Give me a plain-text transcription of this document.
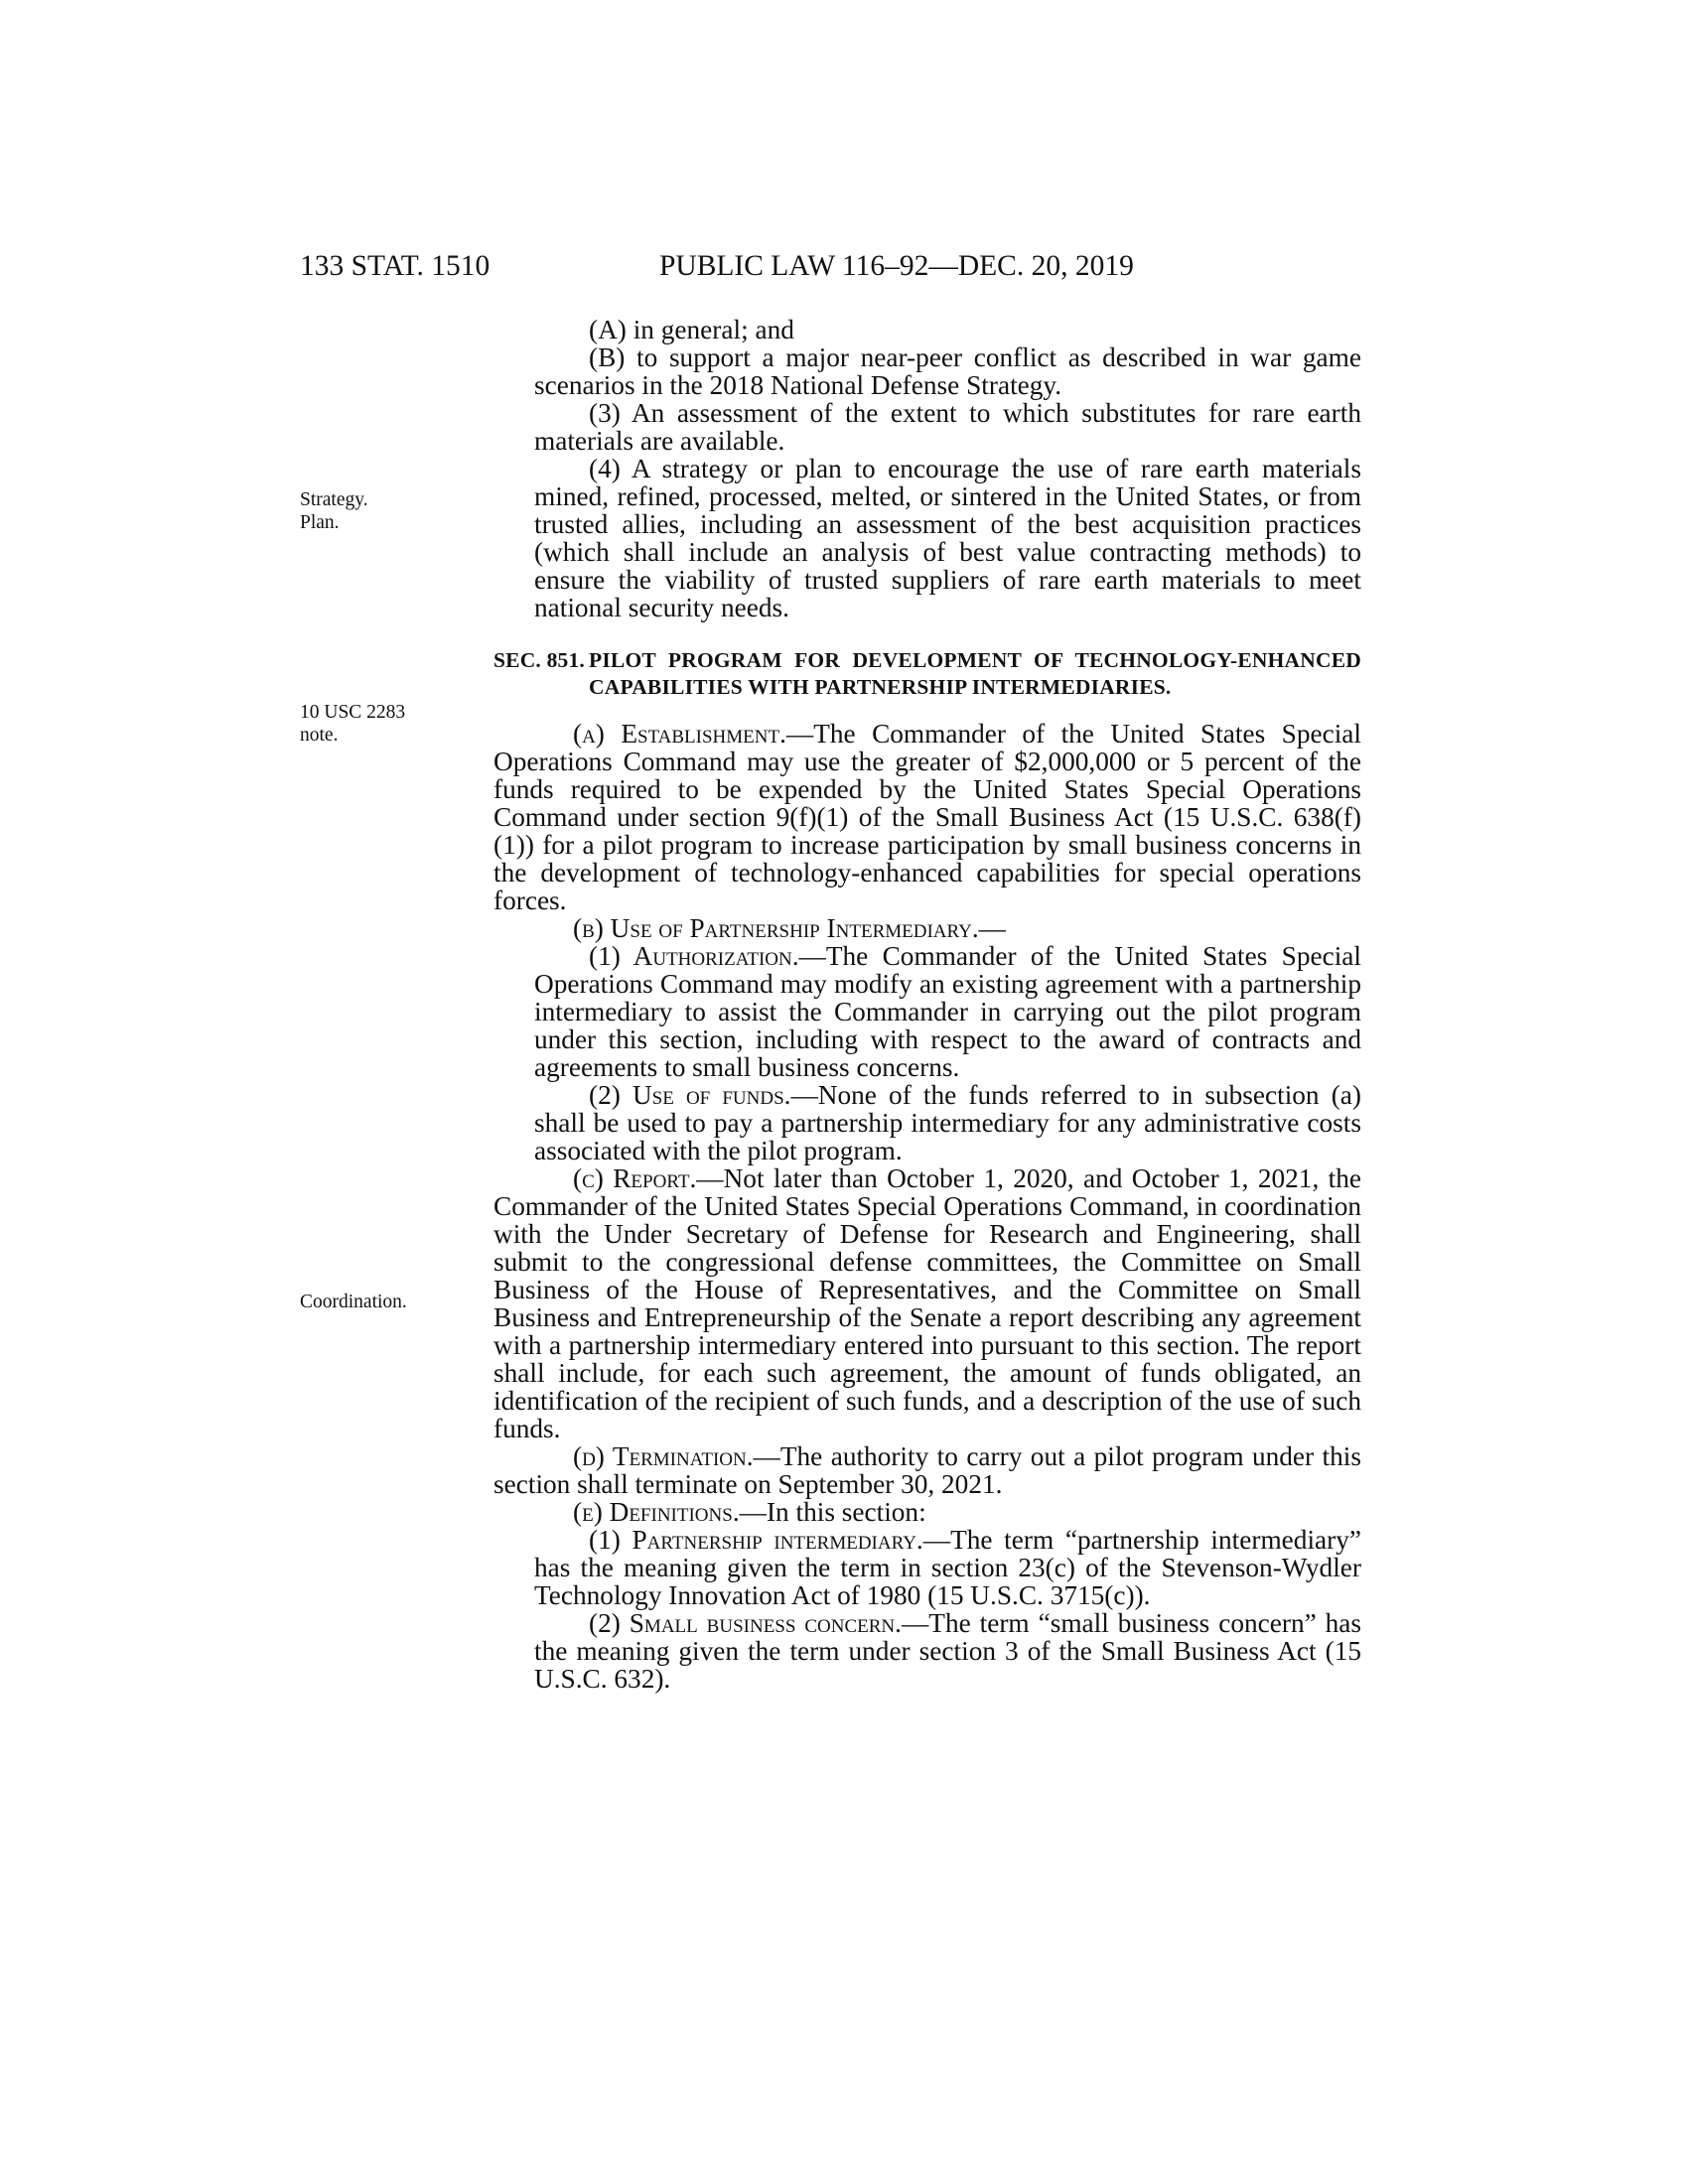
133 STAT. 1510	PUBLIC LAW 116–92—DEC. 20, 2019
Strategy.
Plan.
10 USC 2283
note.
Coordination.

(A) in general; and

(B) to support a major near-peer conflict as described in war game scenarios in the 2018 National Defense Strategy.

(3) An assessment of the extent to which substitutes for rare earth materials are available.

(4) A strategy or plan to encourage the use of rare earth materials mined, refined, processed, melted, or sintered in the United States, or from trusted allies, including an assessment of the best acquisition practices (which shall include an analysis of best value contracting methods) to ensure the viability of trusted suppliers of rare earth materials to meet national security needs.

SEC. 851. PILOT PROGRAM FOR DEVELOPMENT OF TECHNOLOGY-ENHANCED CAPABILITIES WITH PARTNERSHIP INTERMEDIARIES.

(a) Establishment.—The Commander of the United States Special Operations Command may use the greater of $2,000,000 or 5 percent of the funds required to be expended by the United States Special Operations Command under section 9(f)(1) of the Small Business Act (15 U.S.C. 638(f)(1)) for a pilot program to increase participation by small business concerns in the development of technology-enhanced capabilities for special operations forces.

(b) Use of Partnership Intermediary.—

(1) Authorization.—The Commander of the United States Special Operations Command may modify an existing agreement with a partnership intermediary to assist the Commander in carrying out the pilot program under this section, including with respect to the award of contracts and agreements to small business concerns.

(2) Use of funds.—None of the funds referred to in subsection (a) shall be used to pay a partnership intermediary for any administrative costs associated with the pilot program.

(c) Report.—Not later than October 1, 2020, and October 1, 2021, the Commander of the United States Special Operations Command, in coordination with the Under Secretary of Defense for Research and Engineering, shall submit to the congressional defense committees, the Committee on Small Business of the House of Representatives, and the Committee on Small Business and Entrepreneurship of the Senate a report describing any agreement with a partnership intermediary entered into pursuant to this section. The report shall include, for each such agreement, the amount of funds obligated, an identification of the recipient of such funds, and a description of the use of such funds.

(d) Termination.—The authority to carry out a pilot program under this section shall terminate on September 30, 2021.

(e) Definitions.—In this section:

(1) Partnership intermediary.—The term “partnership intermediary” has the meaning given the term in section 23(c) of the Stevenson-Wydler Technology Innovation Act of 1980 (15 U.S.C. 3715(c)).

(2) Small business concern.—The term “small business concern” has the meaning given the term under section 3 of the Small Business Act (15 U.S.C. 632).
